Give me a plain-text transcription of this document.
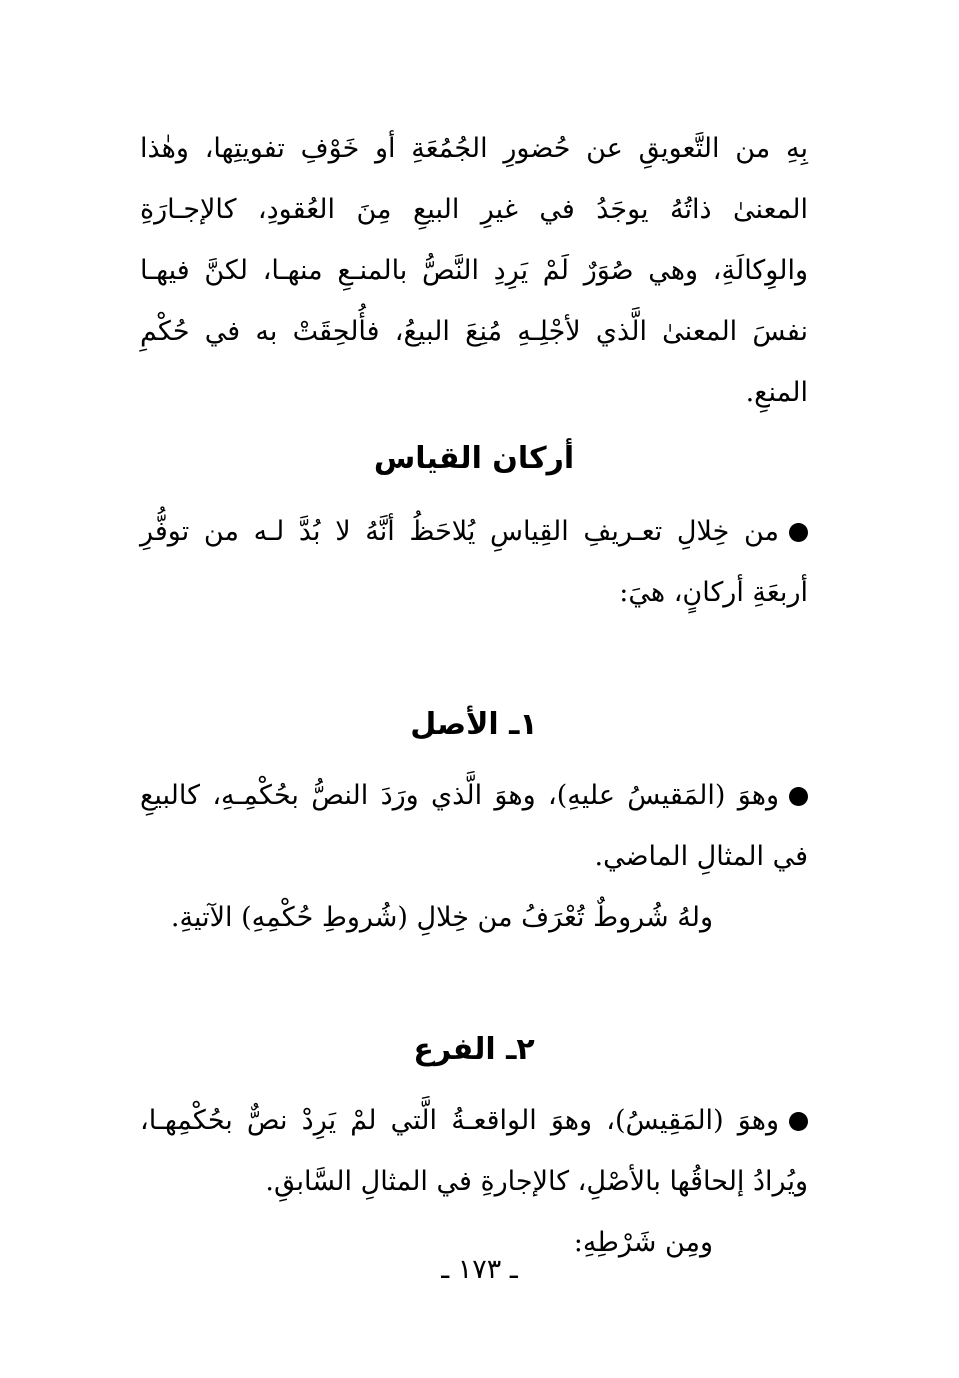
بِهِ من التَّعويقِ عن حُضورِ الجُمُعَةِ أو خَوْفِ تفويتِها، وهٰذا المعنىٰ ذاتُهُ يوجَدُ في غيرِ البيعِ مِنَ العُقودِ، كالإجـارَةِ والوِكالَةِ، وهي صُوَرٌ لَمْ يَرِدِ النَّصُّ بالمنـعِ منهـا، لكنَّ فيهـا نفسَ المعنىٰ الَّذي لأجْلِـهِ مُنِعَ البيعُ، فأُلحِقَتْ به في حُكْمِ المنعِ.

أركان القياس

من خِلالِ تعـريفِ القِياسِ يُلاحَظُ أنَّهُ لا بُدَّ لـه من توفُّرِ أربعَةِ أركانٍ، هيَ:

١ـ الأصل

وهوَ (المَقيسُ عليهِ)، وهوَ الَّذي ورَدَ النصُّ بحُكْمِـهِ، كالبيعِ في المثالِ الماضي.

ولهُ شُروطٌ تُعْرَفُ من خِلالِ (شُروطِ حُكْمِهِ) الآتيةِ.

٢ـ الفرع

وهوَ (المَقِيسُ)، وهوَ الواقعـةُ الَّتي لمْ يَرِدْ نصٌّ بحُكْمِهـا، ويُرادُ إلحاقُها بالأصْلِ، كالإجارةِ في المثالِ السَّابقِ.

ومِن شَرْطِهِ:

ـ ١٧٣ ـ
